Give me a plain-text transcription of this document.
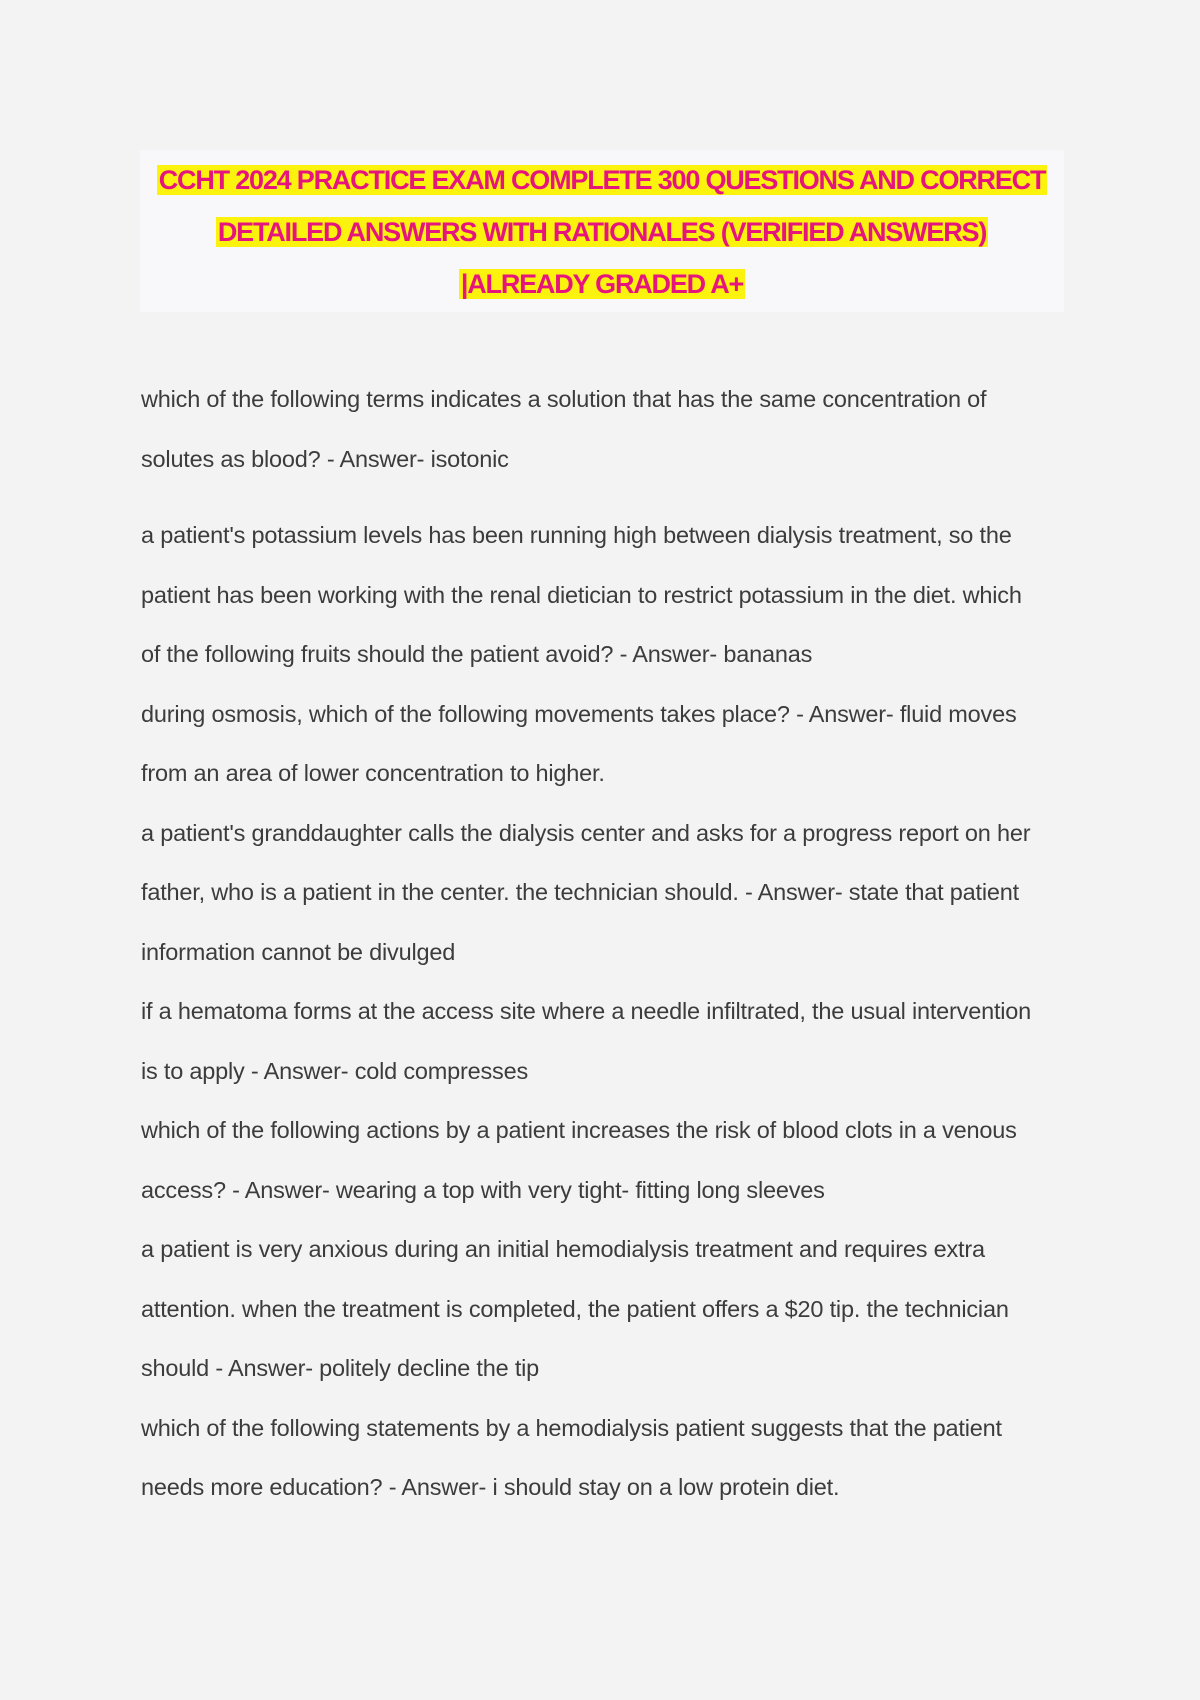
CCHT 2024 PRACTICE EXAM COMPLETE 300 QUESTIONS AND CORRECT
DETAILED ANSWERS WITH RATIONALES (VERIFIED ANSWERS)
|ALREADY GRADED A+
which of the following terms indicates a solution that has the same concentration of
solutes as blood? - Answer- isotonic
a patient's potassium levels has been running high between dialysis treatment, so the
patient has been working with the renal dietician to restrict potassium in the diet. which
of the following fruits should the patient avoid? - Answer- bananas
during osmosis, which of the following movements takes place? - Answer- fluid moves
from an area of lower concentration to higher.
a patient's granddaughter calls the dialysis center and asks for a progress report on her
father, who is a patient in the center. the technician should. - Answer- state that patient
information cannot be divulged
if a hematoma forms at the access site where a needle infiltrated, the usual intervention
is to apply - Answer- cold compresses
which of the following actions by a patient increases the risk of blood clots in a venous
access? - Answer- wearing a top with very tight- fitting long sleeves
a patient is very anxious during an initial hemodialysis treatment and requires extra
attention. when the treatment is completed, the patient offers a $20 tip. the technician
should - Answer- politely decline the tip
which of the following statements by a hemodialysis patient suggests that the patient
needs more education? - Answer- i should stay on a low protein diet.
